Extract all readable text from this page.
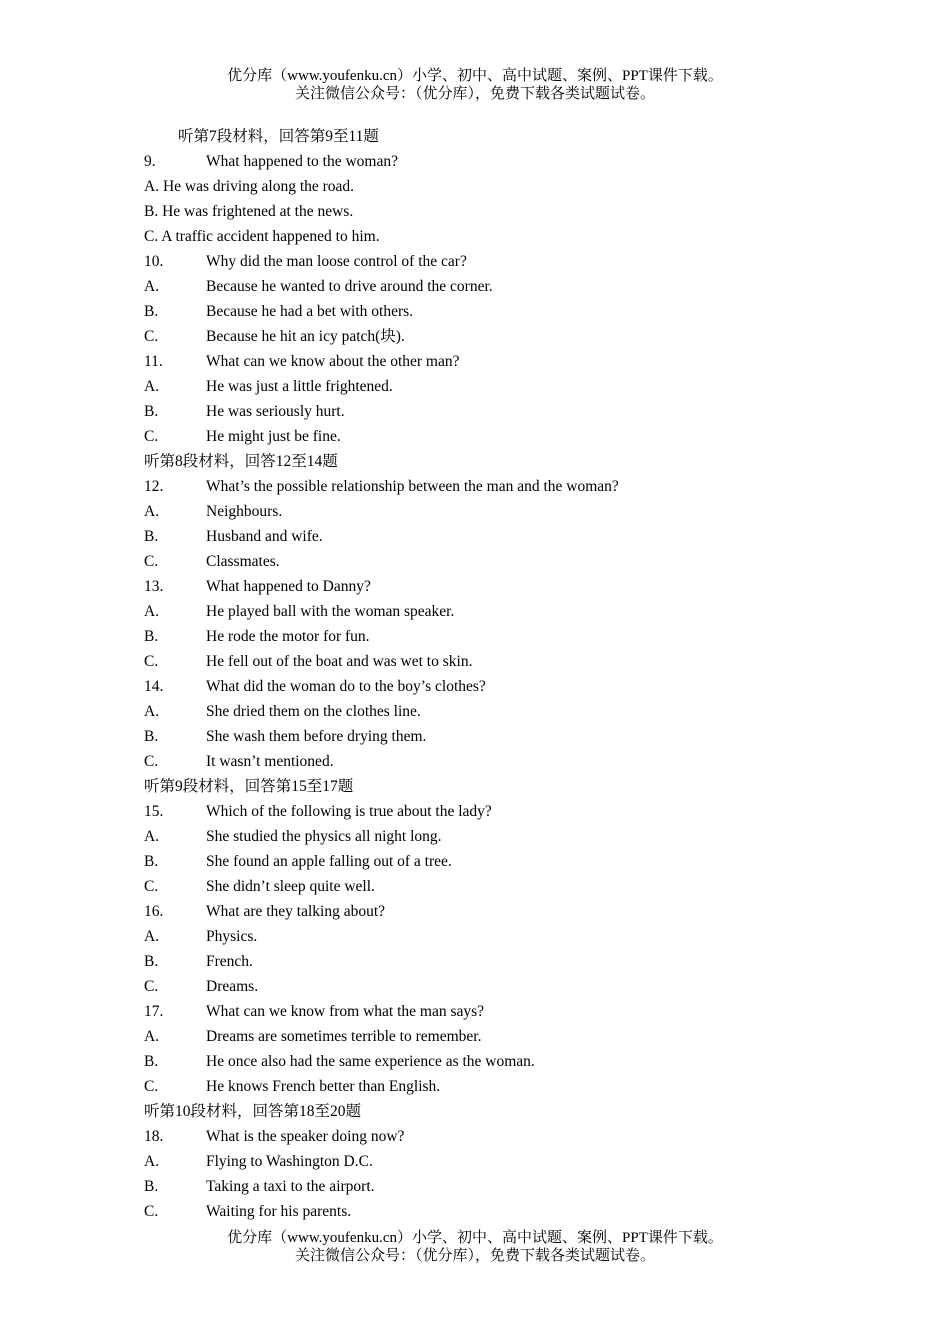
优分库（www.youfenku.cn）小学、初中、高中试题、案例、PPT课件下载。
关注微信公众号：（优分库），免费下载各类试题试卷。
听第7段材料，回答第9至11题
9.	What happened to the woman?
A. He was driving along the road.
B. He was frightened at the news.
C. A traffic accident happened to him.
10.	Why did the man loose control of the car?
A.	Because he wanted to drive around the corner.
B.	Because he had a bet with others.
C.	Because he hit an icy patch(块).
11.	What can we know about the other man?
A.	He was just a little frightened.
B.	He was seriously hurt.
C.	He might just be fine.
听第8段材料，回答12至14题
12.	What’s the possible relationship between the man and the woman?
A.	Neighbours.
B.	Husband and wife.
C.	Classmates.
13.	What happened to Danny?
A.	He played ball with the woman speaker.
B.	He rode the motor for fun.
C.	He fell out of the boat and was wet to skin.
14.	What did the woman do to the boy’s clothes?
A.	She dried them on the clothes line.
B.	She wash them before drying them.
C.	It wasn’t mentioned.
听第9段材料，回答第15至17题
15.	Which of the following is true about the lady?
A.	She studied the physics all night long.
B.	She found an apple falling out of a tree.
C.	She didn’t sleep quite well.
16.	What are they talking about?
A.	Physics.
B.	French.
C.	Dreams.
17.	What can we know from what the man says?
A.	Dreams are sometimes terrible to remember.
B.	He once also had the same experience as the woman.
C.	He knows French better than English.
听第10段材料，回答第18至20题
18.	What is the speaker doing now?
A.	Flying to Washington D.C.
B.	Taking a taxi to the airport.
C.	Waiting for his parents.
优分库（www.youfenku.cn）小学、初中、高中试题、案例、PPT课件下载。
关注微信公众号：（优分库），免费下载各类试题试卷。
